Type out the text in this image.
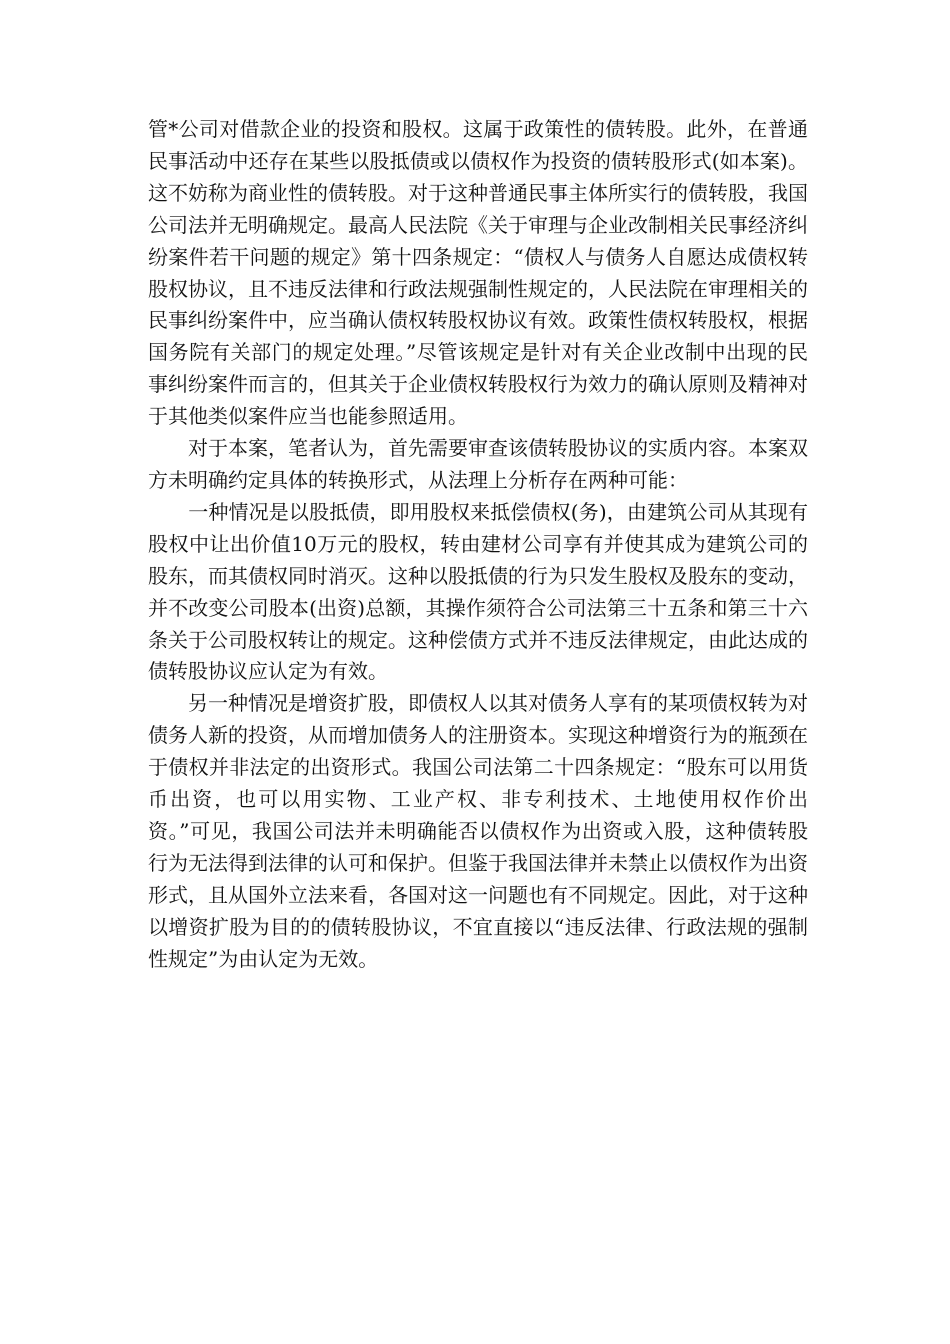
管*公司对借款企业的投资和股权。这属于政策性的债转股。此外，在普通民事活动中还存在某些以股抵债或以债权作为投资的债转股形式(如本案)。这不妨称为商业性的债转股。对于这种普通民事主体所实行的债转股，我国公司法并无明确规定。最高人民法院《关于审理与企业改制相关民事经济纠纷案件若干问题的规定》第十四条规定：“债权人与债务人自愿达成债权转股权协议，且不违反法律和行政法规强制性规定的，人民法院在审理相关的民事纠纷案件中，应当确认债权转股权协议有效。政策性债权转股权，根据国务院有关部门的规定处理。”尽管该规定是针对有关企业改制中出现的民事纠纷案件而言的，但其关于企业债权转股权行为效力的确认原则及精神对于其他类似案件应当也能参照适用。

　　对于本案，笔者认为，首先需要审查该债转股协议的实质内容。本案双方未明确约定具体的转换形式，从法理上分析存在两种可能：

　　一种情况是以股抵债，即用股权来抵偿债权(务)，由建筑公司从其现有股权中让出价值10万元的股权，转由建材公司享有并使其成为建筑公司的股东，而其债权同时消灭。这种以股抵债的行为只发生股权及股东的变动，并不改变公司股本(出资)总额，其操作须符合公司法第三十五条和第三十六条关于公司股权转让的规定。这种偿债方式并不违反法律规定，由此达成的债转股协议应认定为有效。

　　另一种情况是增资扩股，即债权人以其对债务人享有的某项债权转为对债务人新的投资，从而增加债务人的注册资本。实现这种增资行为的瓶颈在于债权并非法定的出资形式。我国公司法第二十四条规定：“股东可以用货币出资，也可以用实物、工业产权、非专利技术、土地使用权作价出资。”可见，我国公司法并未明确能否以债权作为出资或入股，这种债转股行为无法得到法律的认可和保护。但鉴于我国法律并未禁止以债权作为出资形式，且从国外立法来看，各国对这一问题也有不同规定。因此，对于这种以增资扩股为目的的债转股协议，不宜直接以“违反法律、行政法规的强制性规定”为由认定为无效。
